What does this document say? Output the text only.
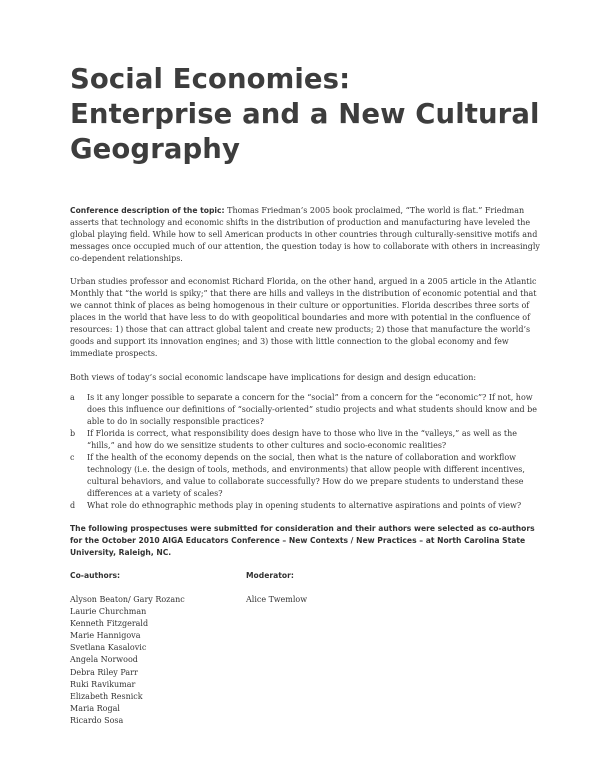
Social Economies:
Enterprise and a New Cultural
Geography

Conference description of the topic: Thomas Friedman’s 2005 book proclaimed, “The world is flat.” Friedman asserts that technology and economic shifts in the distribution of production and manufacturing have leveled the global playing field. While how to sell American products in other countries through culturally-sensitive motifs and messages once occupied much of our attention, the question today is how to collaborate with others in increasingly co-dependent relationships.

Urban studies professor and economist Richard Florida, on the other hand, argued in a 2005 article in the Atlantic Monthly that “the world is spiky;” that there are hills and valleys in the distribution of economic potential and that we cannot think of places as being homogenous in their culture or opportunities. Florida describes three sorts of places in the world that have less to do with geopolitical boundaries and more with potential in the confluence of resources: 1) those that can attract global talent and create new products; 2) those that manufacture the world’s goods and support its innovation engines; and 3) those with little connection to the global economy and few immediate prospects.

Both views of today’s social economic landscape have implications for design and design education:

a	Is it any longer possible to separate a concern for the “social” from a concern for the “economic”? If not, how does this influence our definitions of “socially-oriented” studio projects and what students should know and be able to do in socially responsible practices?
b	If Florida is correct, what responsibility does design have to those who live in the “valleys,” as well as the “hills,” and how do we sensitize students to other cultures and socio-economic realities?
c	If the health of the economy depends on the social, then what is the nature of collaboration and workflow technology (i.e. the design of tools, methods, and environments) that allow people with different incentives, cultural behaviors, and value to collaborate successfully? How do we prepare students to understand these differences at a variety of scales?
d	What role do ethnographic methods play in opening students to alternative aspirations and points of view?

The following prospectuses were submitted for consideration and their authors were selected as co-authors for the October 2010 AIGA Educators Conference – New Contexts / New Practices – at North Carolina State University, Raleigh, NC.

Co-authors:
Alyson Beaton/ Gary Rozanc
Laurie Churchman
Kenneth Fitzgerald
Marie Hannigova
Svetlana Kasalovic
Angela Norwood
Debra Riley Parr
Ruki Ravikumar
Elizabeth Resnick
Maria Rogal
Ricardo Sosa
Moderator:
Alice Twemlow
